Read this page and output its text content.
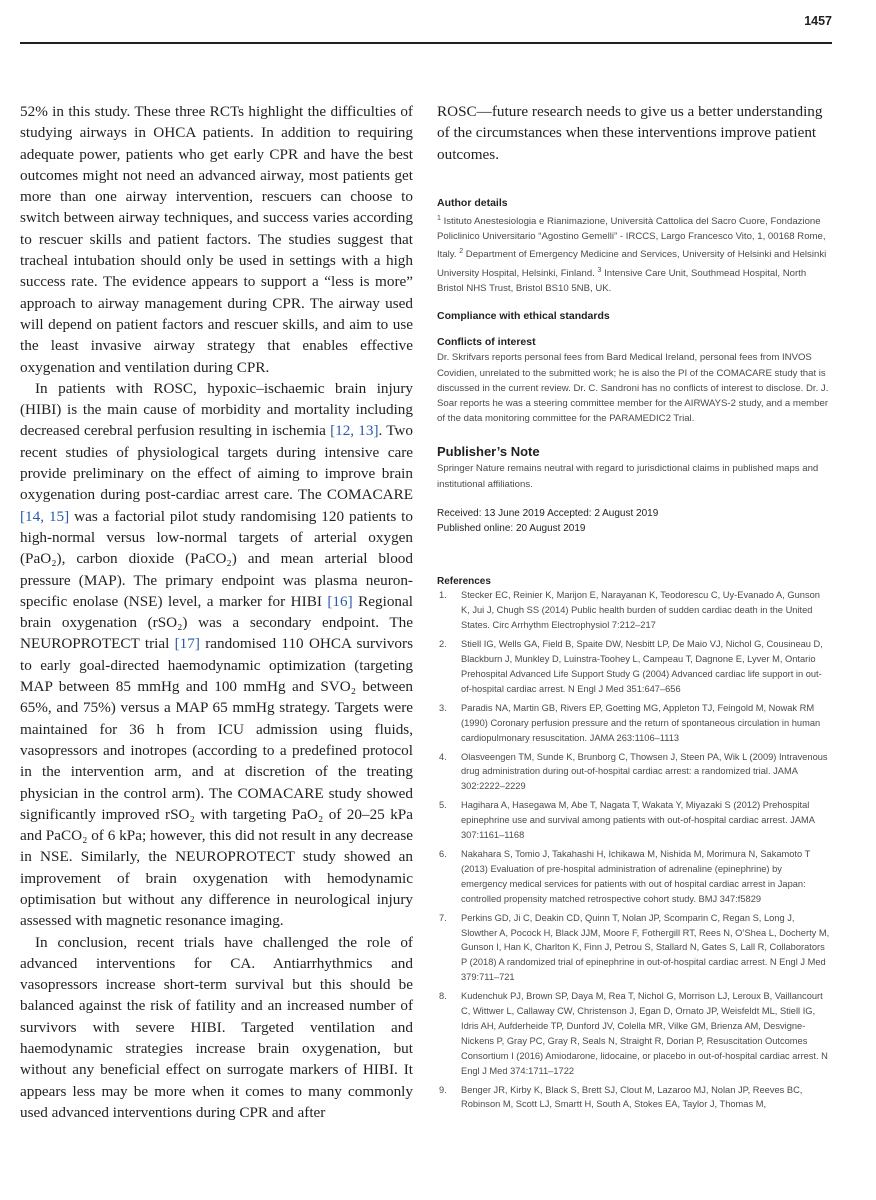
1457

52% in this study. These three RCTs highlight the difficulties of studying airways in OHCA patients. In addition to requiring adequate power, patients who get early CPR and have the best outcomes might not need an advanced airway, most patients get more than one airway intervention, rescuers can choose to switch between airway techniques, and success varies according to rescuer skills and patient factors. The studies suggest that tracheal intubation should only be used in settings with a high success rate. The evidence appears to support a “less is more” approach to airway management during CPR. The airway used will depend on patient factors and rescuer skills, and aim to use the least invasive airway strategy that enables effective oxygenation and ventilation during CPR.

In patients with ROSC, hypoxic–ischaemic brain injury (HIBI) is the main cause of morbidity and mortality including decreased cerebral perfusion resulting in ischemia [12, 13]. Two recent studies of physiological targets during intensive care provide preliminary on the effect of aiming to improve brain oxygenation during post-cardiac arrest care. The COMACARE [14, 15] was a factorial pilot study randomising 120 patients to high-normal versus low-normal targets of arterial oxygen (PaO₂), carbon dioxide (PaCO₂) and mean arterial blood pressure (MAP). The primary endpoint was plasma neuron-specific enolase (NSE) level, a marker for HIBI [16] Regional brain oxygenation (rSO₂) was a secondary endpoint. The NEUROPROTECT trial [17] randomised 110 OHCA survivors to early goal-directed haemodynamic optimization (targeting MAP between 85 mmHg and 100 mmHg and SVO₂ between 65%, and 75%) versus a MAP 65 mmHg strategy. Targets were maintained for 36 h from ICU admission using fluids, vasopressors and inotropes (according to a predefined protocol in the intervention arm, and at discretion of the treating physician in the control arm). The COMACARE study showed significantly improved rSO₂ with targeting PaO₂ of 20–25 kPa and PaCO₂ of 6 kPa; however, this did not result in any decrease in NSE. Similarly, the NEUROPROTECT study showed an improvement of brain oxygenation with hemodynamic optimisation but without any difference in neurological injury assessed with magnetic resonance imaging.

In conclusion, recent trials have challenged the role of advanced interventions for CA. Antiarrhythmics and vasopressors increase short-term survival but this should be balanced against the risk of fatility and an increased number of survivors with severe HIBI. Targeted ventilation and haemodynamic strategies increase brain oxygenation, but without any beneficial effect on surrogate markers of HIBI. It appears less may be more when it comes to many commonly used advanced interventions during CPR and after

ROSC—future research needs to give us a better understanding of the circumstances when these interventions improve patient outcomes.

Author details

$^1$ Istituto Anestesiologia e Rianimazione, Università Cattolica del Sacro Cuore, Fondazione Policlinico Universitario “Agostino Gemelli” - IRCCS, Largo Francesco Vito, 1, 00168 Rome, Italy. $^2$ Department of Emergency Medicine and Services, University of Helsinki and Helsinki University Hospital, Helsinki, Finland. $^3$ Intensive Care Unit, Southmead Hospital, North Bristol NHS Trust, Bristol BS10 5NB, UK.

Compliance with ethical standards
Conflicts of interest

Dr. Skrifvars reports personal fees from Bard Medical Ireland, personal fees from INVOS Covidien, unrelated to the submitted work; he is also the PI of the COMACARE study that is discussed in the current review. Dr. C. Sandroni has no conflicts of interest to disclose. Dr. J. Soar reports he was a steering committee member for the AIRWAYS-2 study, and a member of the data monitoring committee for the PARAMEDIC2 Trial.

Publisher’s Note

Springer Nature remains neutral with regard to jurisdictional claims in published maps and institutional affiliations.

Received: 13 June 2019 Accepted: 2 August 2019
Published online: 20 August 2019
References
1. Stecker EC, Reinier K, Marijon E, Narayanan K, Teodorescu C, Uy-Evanado A, Gunson K, Jui J, Chugh SS (2014) Public health burden of sudden cardiac death in the United States. Circ Arrhythm Electrophysiol 7:212–217
2. Stiell IG, Wells GA, Field B, Spaite DW, Nesbitt LP, De Maio VJ, Nichol G, Cousineau D, Blackburn J, Munkley D, Luinstra-Toohey L, Campeau T, Dagnone E, Lyver M, Ontario Prehospital Advanced Life Support Study G (2004) Advanced cardiac life support in out-of-hospital cardiac arrest. N Engl J Med 351:647–656
3. Paradis NA, Martin GB, Rivers EP, Goetting MG, Appleton TJ, Feingold M, Nowak RM (1990) Coronary perfusion pressure and the return of spontaneous circulation in human cardiopulmonary resuscitation. JAMA 263:1106–1113
4. Olasveengen TM, Sunde K, Brunborg C, Thowsen J, Steen PA, Wik L (2009) Intravenous drug administration during out-of-hospital cardiac arrest: a randomized trial. JAMA 302:2222–2229
5. Hagihara A, Hasegawa M, Abe T, Nagata T, Wakata Y, Miyazaki S (2012) Prehospital epinephrine use and survival among patients with out-of-hospital cardiac arrest. JAMA 307:1161–1168
6. Nakahara S, Tomio J, Takahashi H, Ichikawa M, Nishida M, Morimura N, Sakamoto T (2013) Evaluation of pre-hospital administration of adrenaline (epinephrine) by emergency medical services for patients with out of hospital cardiac arrest in Japan: controlled propensity matched retrospective cohort study. BMJ 347:f5829
7. Perkins GD, Ji C, Deakin CD, Quinn T, Nolan JP, Scomparin C, Regan S, Long J, Slowther A, Pocock H, Black JJM, Moore F, Fothergill RT, Rees N, O’Shea L, Docherty M, Gunson I, Han K, Charlton K, Finn J, Petrou S, Stallard N, Gates S, Lall R, Collaborators P (2018) A randomized trial of epinephrine in out-of-hospital cardiac arrest. N Engl J Med 379:711–721
8. Kudenchuk PJ, Brown SP, Daya M, Rea T, Nichol G, Morrison LJ, Leroux B, Vaillancourt C, Wittwer L, Callaway CW, Christenson J, Egan D, Ornato JP, Weisfeldt ML, Stiell IG, Idris AH, Aufderheide TP, Dunford JV, Colella MR, Vilke GM, Brienza AM, Desvigne-Nickens P, Gray PC, Gray R, Seals N, Straight R, Dorian P, Resuscitation Outcomes Consortium I (2016) Amiodarone, lidocaine, or placebo in out-of-hospital cardiac arrest. N Engl J Med 374:1711–1722
9. Benger JR, Kirby K, Black S, Brett SJ, Clout M, Lazaroo MJ, Nolan JP, Reeves BC, Robinson M, Scott LJ, Smartt H, South A, Stokes EA, Taylor J, Thomas M,
